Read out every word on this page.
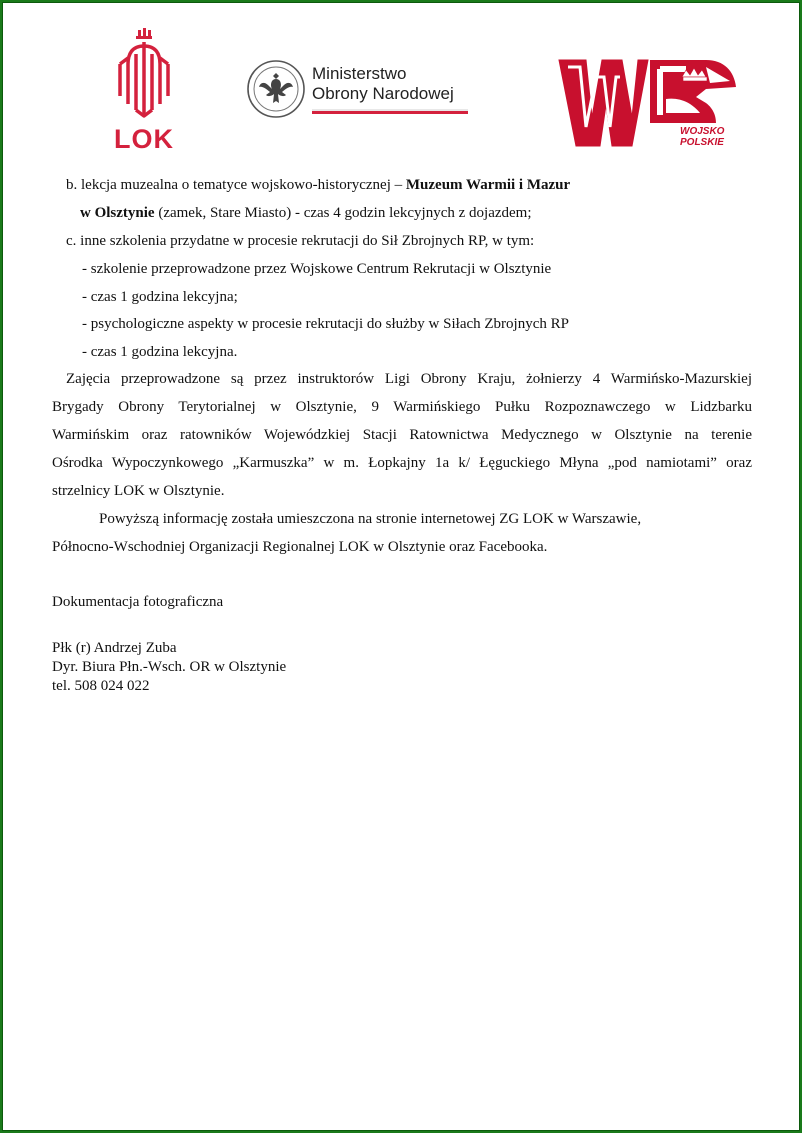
LOK
Ministerstwo
Obrony Narodowej
WOJSKO
POLSKIE

b. lekcja muzealna o tematyce wojskowo-historycznej – Muzeum Warmii i Mazur

w Olsztynie (zamek, Stare Miasto) - czas 4 godzin lekcyjnych z dojazdem;

c. inne szkolenia przydatne w procesie rekrutacji do Sił Zbrojnych RP, w tym:

- szkolenie przeprowadzone przez Wojskowe Centrum Rekrutacji w Olsztynie

- czas 1 godzina lekcyjna;

- psychologiczne aspekty w procesie rekrutacji do służby w Siłach Zbrojnych RP

- czas 1 godzina lekcyjna.

Zajęcia przeprowadzone są przez instruktorów Ligi Obrony Kraju, żołnierzy 4 Warmińsko-Mazurskiej

Brygady Obrony Terytorialnej w Olsztynie, 9 Warmińskiego Pułku Rozpoznawczego w Lidzbarku

Warmińskim oraz ratowników Wojewódzkiej Stacji Ratownictwa Medycznego w Olsztynie na terenie

Ośrodka Wypoczynkowego „Karmuszka” w m. Łopkajny 1a k/ Łęguckiego Młyna „pod namiotami” oraz

strzelnicy LOK w Olsztynie.

Powyższą informację została umieszczona na stronie internetowej ZG LOK w Warszawie,

Północno-Wschodniej Organizacji Regionalnej LOK w Olsztynie oraz Facebooka.

Dokumentacja fotograficzna

Płk (r) Andrzej Zuba

Dyr. Biura Płn.-Wsch. OR w Olsztynie

tel. 508 024 022
